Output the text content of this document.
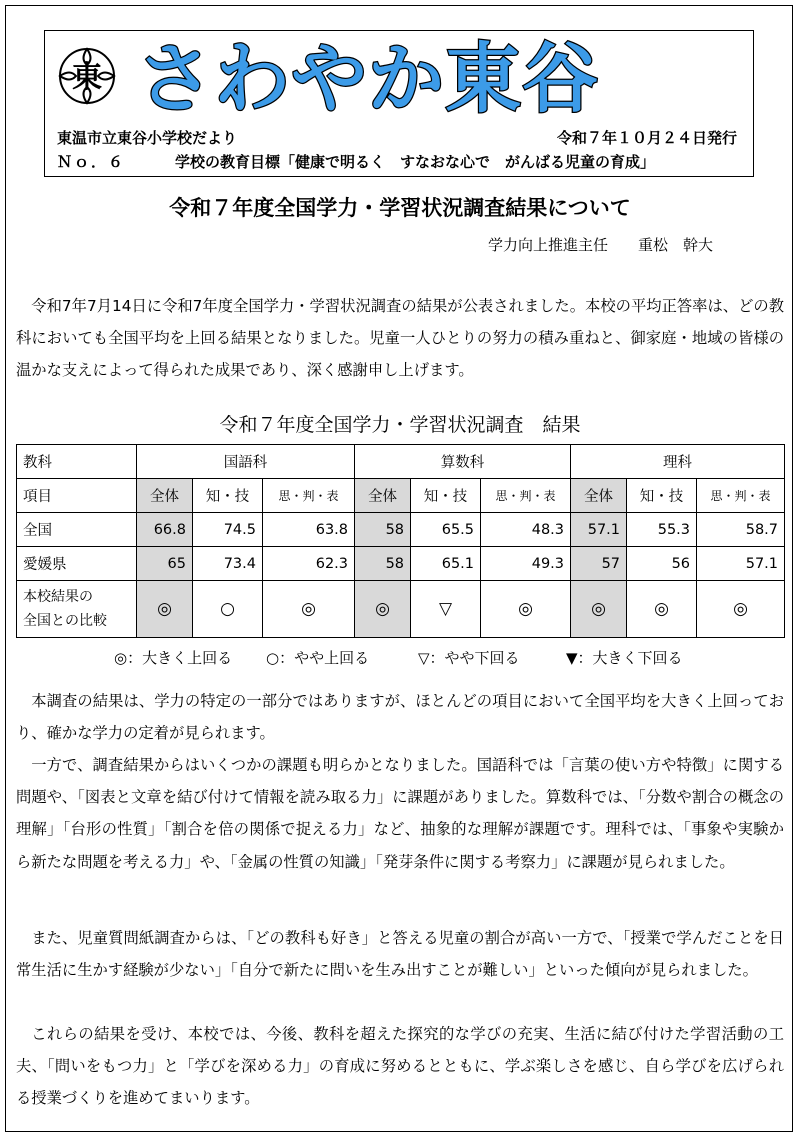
東 さわやか東谷
東温市立東谷小学校だより	令和７年１０月２４日発行
Ｎｏ．６	学校の教育目標「健康で明るく　すなおな心で　がんばる児童の育成」
令和７年度全国学力・学習状況調査結果について
学力向上推進主任　　重松　幹大

令和7年7月14日に令和7年度全国学力・学習状況調査の結果が公表されました。本校の平均正答率は、どの教科においても全国平均を上回る結果となりました。児童一人ひとりの努力の積み重ねと、御家庭・地域の皆様の温かな支えによって得られた成果であり、深く感謝申し上げます。

令和７年度全国学力・学習状況調査　結果
教科	国語科			算数科			理科		
項目	全体	知・技	思・判・表	全体	知・技	思・判・表	全体	知・技	思・判・表
全国	66.8	74.5	63.8	58	65.5	48.3	57.1	55.3	58.7
愛媛県	65	73.4	62.3	58	65.1	49.3	57	56	57.1
本校結果の
全国との比較	◎	○	◎	◎	▽	◎	◎	◎	◎
◎：大きく上回る ○：やや上回る	▽：やや下回る	▼：大きく下回る

本調査の結果は、学力の特定の一部分ではありますが、ほとんどの項目において全国平均を大きく上回っており、確かな学力の定着が見られます。

一方で、調査結果からはいくつかの課題も明らかとなりました。国語科では「言葉の使い方や特徴」に関する問題や、「図表と文章を結び付けて情報を読み取る力」に課題がありました。算数科では、「分数や割合の概念の理解」「台形の性質」「割合を倍の関係で捉える力」など、抽象的な理解が課題です。理科では、「事象や実験から新たな問題を考える力」や、「金属の性質の知識」「発芽条件に関する考察力」に課題が見られました。

また、児童質問紙調査からは、「どの教科も好き」と答える児童の割合が高い一方で、「授業で学んだことを日常生活に生かす経験が少ない」「自分で新たに問いを生み出すことが難しい」といった傾向が見られました。

これらの結果を受け、本校では、今後、教科を超えた探究的な学びの充実、生活に結び付けた学習活動の工夫、「問いをもつ力」と「学びを深める力」の育成に努めるとともに、学ぶ楽しさを感じ、自ら学びを広げられる授業づくりを進めてまいります。
